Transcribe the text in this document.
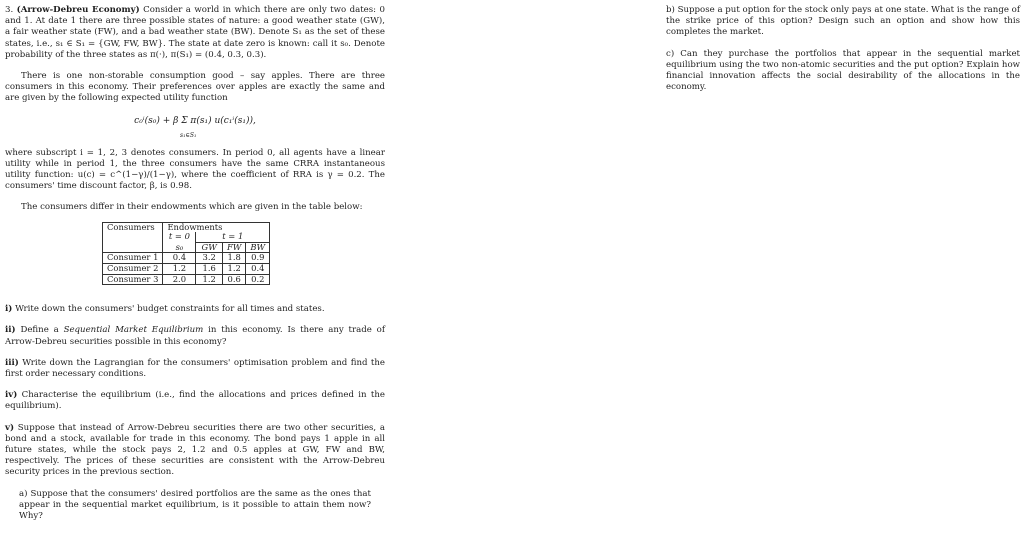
3. (Arrow-Debreu Economy) Consider a world in which there are only two dates: 0 and 1. At date 1 there are three possible states of nature: a good weather state (GW), a fair weather state (FW), and a bad weather state (BW). Denote S₁ as the set of these states, i.e., s₁ ∈ S₁ = {GW, FW, BW}. The state at date zero is known: call it s₀. Denote probability of the three states as π(·), π(S₁) = (0.4, 0.3, 0.3).

There is one non-storable consumption good – say apples. There are three consumers in this economy. Their preferences over apples are exactly the same and are given by the following expected utility function

c₀ⁱ(s₀) + β Σ π(s₁) u(c₁ⁱ(s₁)),
s₁∈S₁

where subscript i = 1, 2, 3 denotes consumers. In period 0, all agents have a linear utility while in period 1, the three consumers have the same CRRA instantaneous utility function: u(c) = c^(1−γ)/(1−γ), where the coefficient of RRA is γ = 0.2. The consumers' time discount factor, β, is 0.98.

The consumers differ in their endowments which are given in the table below:

Consumers	Endowments			
	t = 0	t = 1		
	s₀	GW	FW	BW
Consumer 1	0.4	3.2	1.8	0.9
Consumer 2	1.2	1.6	1.2	0.4
Consumer 3	2.0	1.2	0.6	0.2

i) Write down the consumers' budget constraints for all times and states.

ii) Define a Sequential Market Equilibrium in this economy. Is there any trade of Arrow-Debreu securities possible in this economy?

iii) Write down the Lagrangian for the consumers' optimisation problem and find the first order necessary conditions.

iv) Characterise the equilibrium (i.e., find the allocations and prices defined in the equilibrium).

v) Suppose that instead of Arrow-Debreu securities there are two other securities, a bond and a stock, available for trade in this economy. The bond pays 1 apple in all future states, while the stock pays 2, 1.2 and 0.5 apples at GW, FW and BW, respectively. The prices of these securities are consistent with the Arrow-Debreu security prices in the previous section.

a) Suppose that the consumers' desired portfolios are the same as the ones that appear in the sequential market equilibrium, is it possible to attain them now? Why?

b) Suppose a put option for the stock only pays at one state. What is the range of the strike price of this option? Design such an option and show how this completes the market.

c) Can they purchase the portfolios that appear in the sequential market equilibrium using the two non-atomic securities and the put option? Explain how financial innovation affects the social desirability of the allocations in the economy.
